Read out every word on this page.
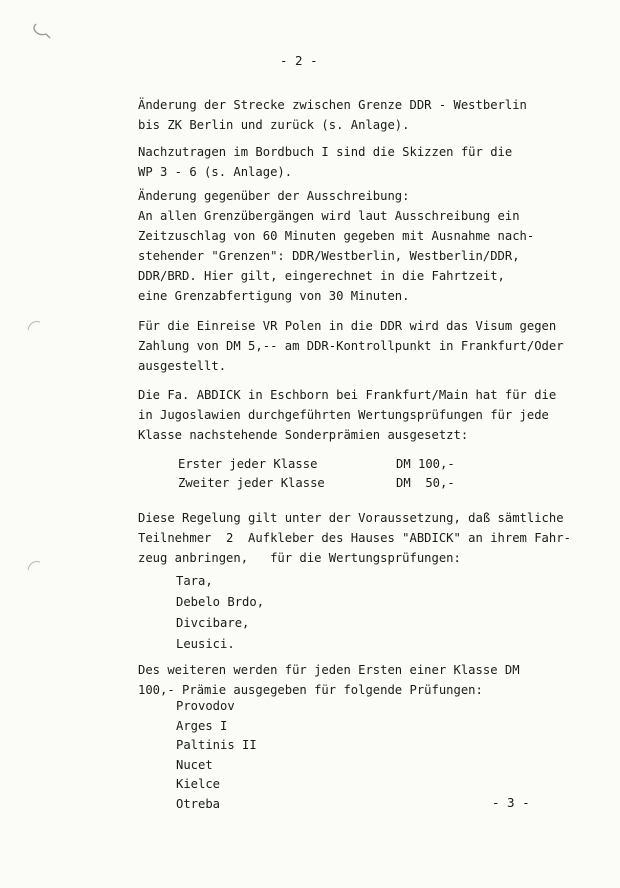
- 2 -
Änderung der Strecke zwischen Grenze DDR - Westberlin
bis ZK Berlin und zurück (s. Anlage).
Nachzutragen im Bordbuch I sind die Skizzen für die
WP 3 - 6 (s. Anlage).
Änderung gegenüber der Ausschreibung:
An allen Grenzübergängen wird laut Ausschreibung ein
Zeitzuschlag von 60 Minuten gegeben mit Ausnahme nach-
stehender "Grenzen": DDR/Westberlin, Westberlin/DDR,
DDR/BRD. Hier gilt, eingerechnet in die Fahrtzeit,
eine Grenzabfertigung von 30 Minuten.
Für die Einreise VR Polen in die DDR wird das Visum gegen
Zahlung von DM 5,-- am DDR-Kontrollpunkt in Frankfurt/Oder
ausgestellt.
Die Fa. ABDICK in Eschborn bei Frankfurt/Main hat für die
in Jugoslawien durchgeführten Wertungsprüfungen für jede
Klasse nachstehende Sonderprämien ausgesetzt:
Erster jeder Klasse	DM 100,-
Zweiter jeder Klasse	DM  50,-
Diese Regelung gilt unter der Voraussetzung, daß sämtliche
Teilnehmer  2  Aufkleber des Hauses "ABDICK" an ihrem Fahr-
zeug anbringen,   für die Wertungsprüfungen:
Tara,
Debelo Brdo,
Divcibare,
Leusici.
Des weiteren werden für jeden Ersten einer Klasse DM
100,- Prämie ausgegeben für folgende Prüfungen:
Provodov
Arges I
Paltinis II
Nucet
Kielce
Otreba	- 3 -
